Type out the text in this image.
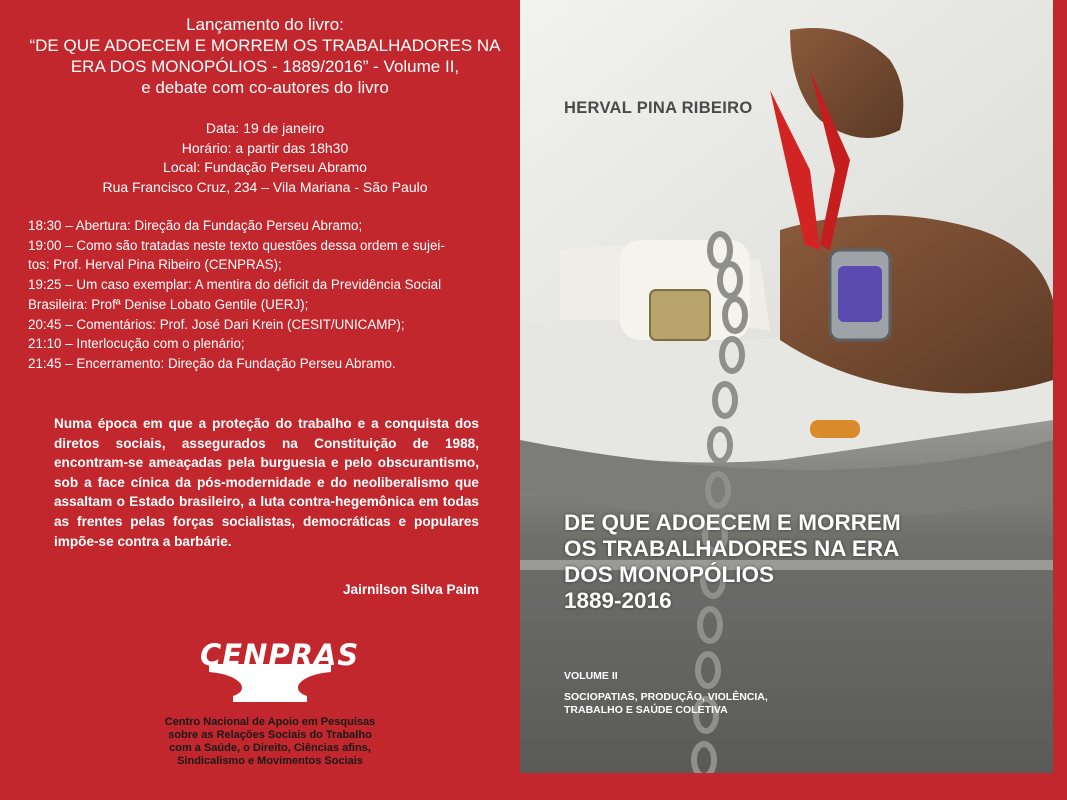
Lançamento do livro:
“DE QUE ADOECEM E MORREM OS TRABALHADORES NA
ERA DOS MONOPÓLIOS - 1889/2016” - Volume II,
e debate com co-autores do livro
Data: 19 de janeiro
Horário: a partir das 18h30
Local: Fundação Perseu Abramo
Rua Francisco Cruz, 234 – Vila Mariana - São Paulo
18:30 – Abertura: Direção da Fundação Perseu Abramo;
19:00 – Como são tratadas neste texto questões dessa ordem e sujei-
tos: Prof. Herval Pina Ribeiro (CENPRAS);
19:25 – Um caso exemplar: A mentira do déficit da Previdência Social
Brasileira: Profª Denise Lobato Gentile (UERJ);
20:45 – Comentários: Prof. José Dari Krein (CESIT/UNICAMP);
21:10 – Interlocução com o plenário;
21:45 – Encerramento: Direção da Fundação Perseu Abramo.
Numa época em que a proteção do trabalho e a conquista dos diretos sociais, assegurados na Constituição de 1988, encontram-se ameaçadas pela burguesia e pelo obscurantismo, sob a face cínica da pós-modernidade e do neoliberalismo que assaltam o Estado brasileiro, a luta contra-hegemônica em todas as frentes pelas forças socialistas, democráticas e populares impõe-se contra a barbárie.
Jairnilson Silva Paim
CENPRAS
Centro Nacional de Apoio em Pesquisas
sobre as Relações Sociais do Trabalho
com a Saúde, o Direito, Ciências afins,
Sindicalismo e Movimentos Sociais
HERVAL PINA RIBEIRO
DE QUE ADOECEM E MORREM
OS TRABALHADORES NA ERA
DOS MONOPÓLIOS
1889-2016
VOLUME II
SOCIOPATIAS, PRODUÇÃO, VIOLÊNCIA,
TRABALHO E SAÚDE COLETIVA
